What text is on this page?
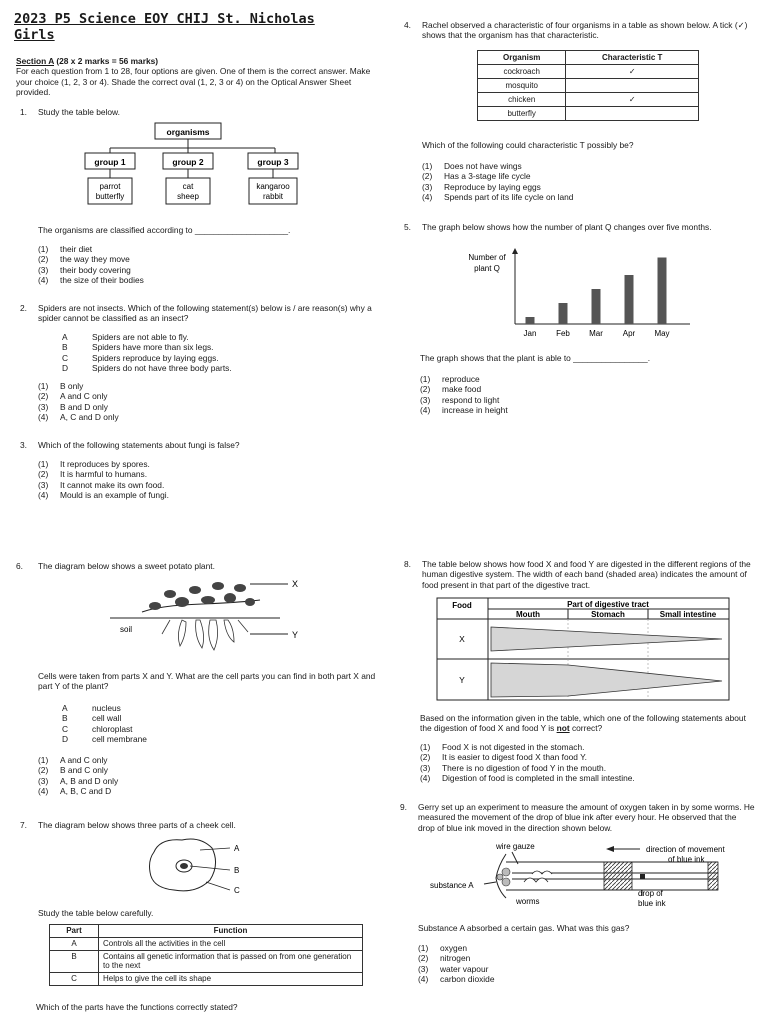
2023 P5 Science EOY CHIJ St. Nicholas
Girls
Section A (28 x 2 marks = 56 marks)
For each question from 1 to 28, four options are given. One of them is the correct answer. Make your choice (1, 2, 3 or 4). Shade the correct oval (1, 2, 3 or 4) on the Optical Answer Sheet provided.
1. Study the table below.
organisms
group 1	group 2	group 3
parrot
butterfly
cat
sheep
kangaroo
rabbit
The organisms are classified according to ____________________.
(1)	their diet
(2)	the way they move
(3)	their body covering
(4)	the size of their bodies
2. Spiders are not insects. Which of the following statement(s) below is / are reason(s) why a spider cannot be classified as an insect?
A	Spiders are not able to fly.
B	Spiders have more than six legs.
C	Spiders reproduce by laying eggs.
D	Spiders do not have three body parts.
(1)	B only
(2)	A and C only
(3)	B and D only
(4)	A, C and D only
3. Which of the following statements about fungi is false?
(1)	It reproduces by spores.
(2)	It is harmful to humans.
(3)	It cannot make its own food.
(4)	Mould is an example of fungi.
6. The diagram below shows a sweet potato plant.
X
Y
soil
Cells were taken from parts X and Y. What are the cell parts you can find in both part X and part Y of the plant?
A	nucleus
B	cell wall
C	chloroplast
D	cell membrane
(1)	A and C only
(2)	B and C only
(3)	A, B and D only
(4)	A, B, C and D
7. The diagram below shows three parts of a cheek cell.
A
B
C
Study the table below carefully.
Part	Function
A	Controls all the activities in the cell
B	Contains all genetic information that is passed on from one generation to the next
C	Helps to give the cell its shape
Which of the parts have the functions correctly stated?
4. Rachel observed a characteristic of four organisms in a table as shown below. A tick (✓) shows that the organism has that characteristic.
Organism	Characteristic T
cockroach	✓
mosquito	
chicken	✓
butterfly	
Which of the following could characteristic T possibly be?
(1)	Does not have wings
(2)	Has a 3-stage life cycle
(3)	Reproduce by laying eggs
(4)	Spends part of its life cycle on land
5. The graph below shows how the number of plant Q changes over five months.
Number of
plant Q
Jan Feb Mar Apr May
The graph shows that the plant is able to ________________.
(1)	reproduce
(2)	make food
(3)	respond to light
(4)	increase in height
8. The table below shows how food X and food Y are digested in the different regions of the human digestive system. The width of each band (shaded area) indicates the amount of food present in that part of the digestive tract.
Food	Part of digestive tract
Mouth	Stomach	Small intestine
X
Y
Based on the information given in the table, which one of the following statements about the digestion of food X and food Y is not correct?
(1)	Food X is not digested in the stomach.
(2)	It is easier to digest food X than food Y.
(3)	There is no digestion of food Y in the mouth.
(4)	Digestion of food is completed in the small intestine.
9. Gerry set up an experiment to measure the amount of oxygen taken in by some worms. He measured the movement of the drop of blue ink after every hour. He observed that the drop of blue ink moved in the direction shown below.
wire gauze	direction of movement
of blue ink
substance A
worms
drop of
blue ink
Substance A absorbed a certain gas. What was this gas?
(1)	oxygen
(2)	nitrogen
(3)	water vapour
(4)	carbon dioxide
